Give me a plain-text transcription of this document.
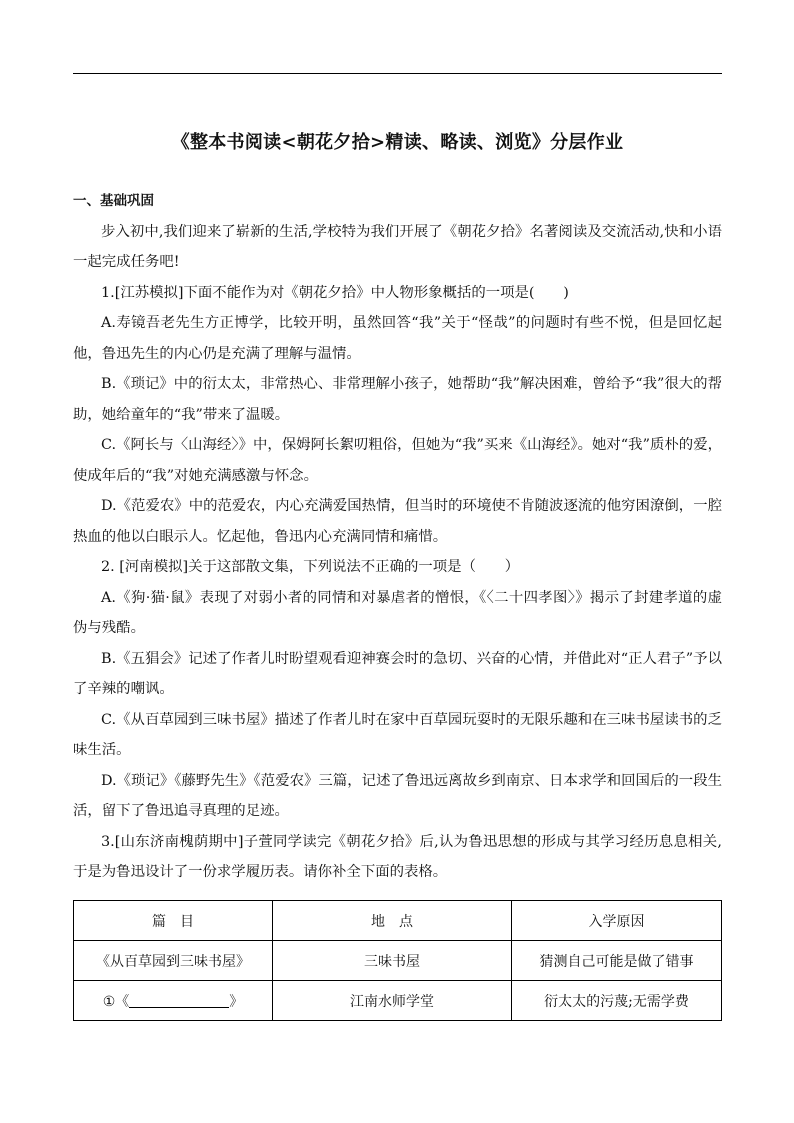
《整本书阅读<朝花夕拾>精读、略读、浏览》分层作业
一、基础巩固

步入初中,我们迎来了崭新的生活,学校特为我们开展了《朝花夕拾》名著阅读及交流活动,快和小语一起完成任务吧!

1.[江苏模拟]下面不能作为对《朝花夕拾》中人物形象概括的一项是(　　)

A.寿镜吾老先生方正博学，比较开明，虽然回答“我”关于“怪哉”的问题时有些不悦，但是回忆起他，鲁迅先生的内心仍是充满了理解与温情。

B.《琐记》中的衍太太，非常热心、非常理解小孩子，她帮助“我”解决困难，曾给予“我”很大的帮助，她给童年的“我”带来了温暖。

C.《阿长与〈山海经〉》中，保姆阿长絮叨粗俗，但她为“我”买来《山海经》。她对“我”质朴的爱，使成年后的“我”对她充满感激与怀念。

D.《范爱农》中的范爱农，内心充满爱国热情，但当时的环境使不肯随波逐流的他穷困潦倒，一腔热血的他以白眼示人。忆起他，鲁迅内心充满同情和痛惜。

2. [河南模拟]关于这部散文集，下列说法不正确的一项是（　　）

A.《狗·猫·鼠》表现了对弱小者的同情和对暴虐者的憎恨，《〈二十四孝图〉》揭示了封建孝道的虚伪与残酷。

B.《五猖会》记述了作者儿时盼望观看迎神赛会时的急切、兴奋的心情，并借此对“正人君子”予以了辛辣的嘲讽。

C.《从百草园到三味书屋》描述了作者儿时在家中百草园玩耍时的无限乐趣和在三味书屋读书的乏味生活。

D.《琐记》《藤野先生》《范爱农》三篇，记述了鲁迅远离故乡到南京、日本求学和回国后的一段生活，留下了鲁迅追寻真理的足迹。

3.[山东济南槐荫期中]子萱同学读完《朝花夕拾》后,认为鲁迅思想的形成与其学习经历息息相关,于是为鲁迅设计了一份求学履历表。请你补全下面的表格。

篇　目	地　点	入学原因
《从百草园到三味书屋》	三味书屋	猜测自己可能是做了错事
①《 》	江南水师学堂	衍太太的污蔑;无需学费
